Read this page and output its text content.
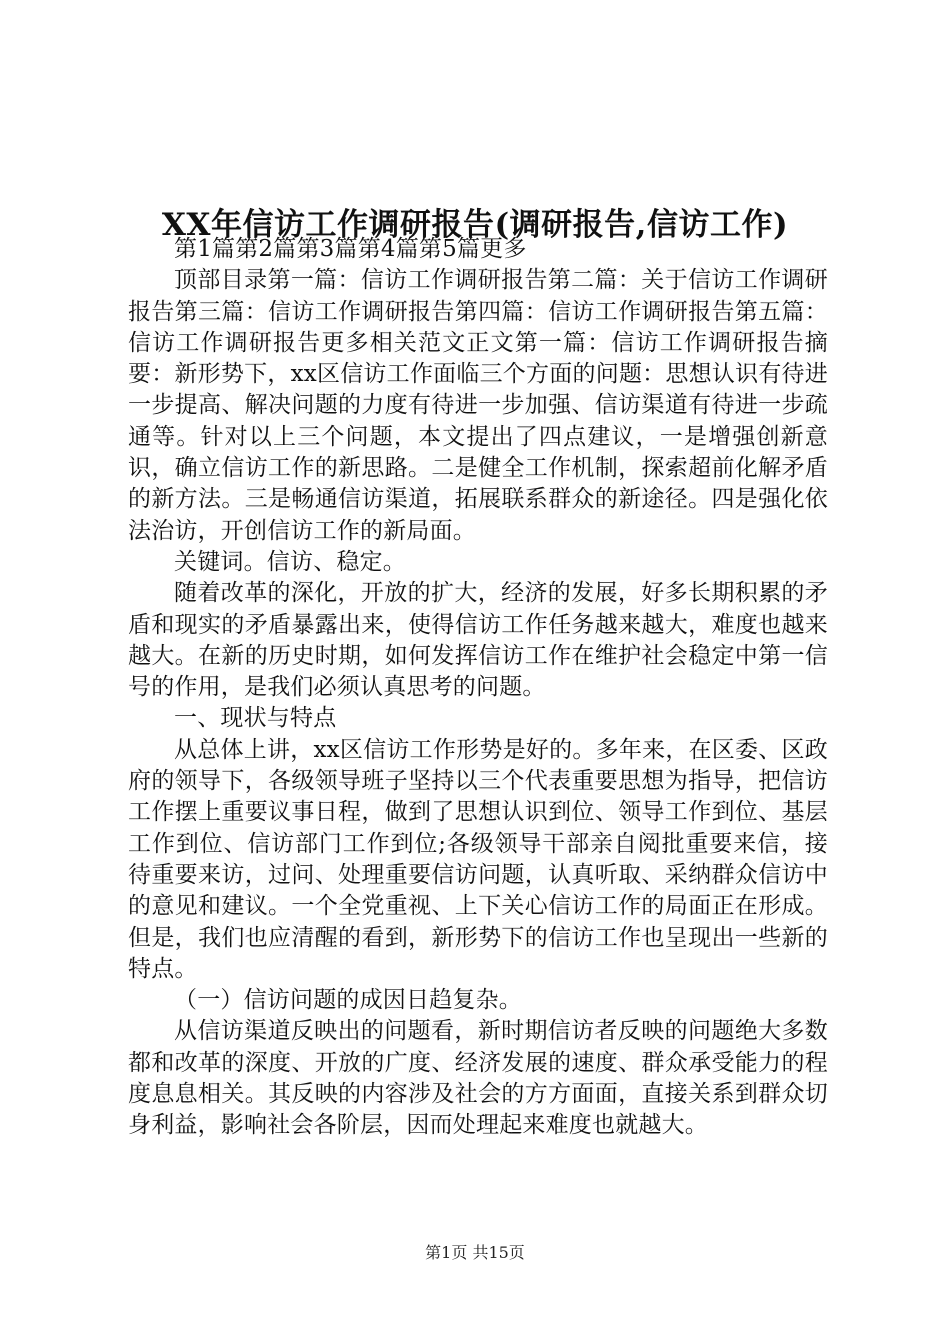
XX年信访工作调研报告(调研报告,信访工作)

第1篇第2篇第3篇第4篇第5篇更多

顶部目录第一篇：信访工作调研报告第二篇：关于信访工作调研报告第三篇：信访工作调研报告第四篇：信访工作调研报告第五篇：信访工作调研报告更多相关范文正文第一篇：信访工作调研报告摘要：新形势下，xx区信访工作面临三个方面的问题：思想认识有待进一步提高、解决问题的力度有待进一步加强、信访渠道有待进一步疏通等。针对以上三个问题，本文提出了四点建议，一是增强创新意识，确立信访工作的新思路。二是健全工作机制，探索超前化解矛盾的新方法。三是畅通信访渠道，拓展联系群众的新途径。四是强化依法治访，开创信访工作的新局面。

关键词。信访、稳定。

随着改革的深化，开放的扩大，经济的发展，好多长期积累的矛盾和现实的矛盾暴露出来，使得信访工作任务越来越大，难度也越来越大。在新的历史时期，如何发挥信访工作在维护社会稳定中第一信号的作用，是我们必须认真思考的问题。

一、现状与特点

从总体上讲，xx区信访工作形势是好的。多年来，在区委、区政府的领导下，各级领导班子坚持以三个代表重要思想为指导，把信访工作摆上重要议事日程，做到了思想认识到位、领导工作到位、基层工作到位、信访部门工作到位;各级领导干部亲自阅批重要来信，接待重要来访，过问、处理重要信访问题，认真听取、采纳群众信访中的意见和建议。一个全党重视、上下关心信访工作的局面正在形成。但是，我们也应清醒的看到，新形势下的信访工作也呈现出一些新的特点。

（一）信访问题的成因日趋复杂。

从信访渠道反映出的问题看，新时期信访者反映的问题绝大多数都和改革的深度、开放的广度、经济发展的速度、群众承受能力的程度息息相关。其反映的内容涉及社会的方方面面，直接关系到群众切身利益，影响社会各阶层，因而处理起来难度也就越大。

第1页 共15页
